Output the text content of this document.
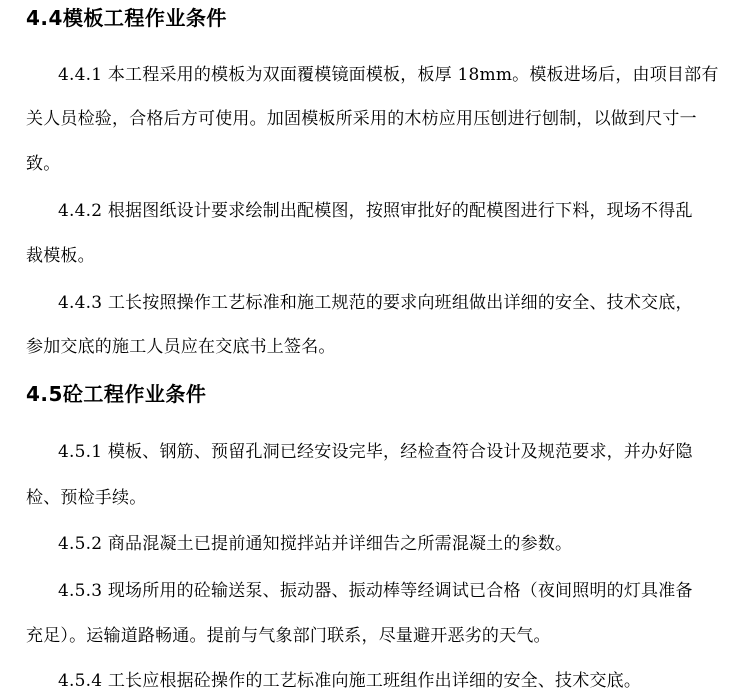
4.4模板工程作业条件
4.4.1 本工程采用的模板为双面覆模镜面模板，板厚 18mm。模板进场后，由项目部有
关人员检验，合格后方可使用。加固模板所采用的木枋应用压刨进行刨制，以做到尺寸一
致。
4.4.2 根据图纸设计要求绘制出配模图，按照审批好的配模图进行下料，现场不得乱
裁模板。
4.4.3 工长按照操作工艺标准和施工规范的要求向班组做出详细的安全、技术交底，
参加交底的施工人员应在交底书上签名。
4.5砼工程作业条件
4.5.1 模板、钢筋、预留孔洞已经安设完毕，经检查符合设计及规范要求，并办好隐
检、预检手续。
4.5.2 商品混凝土已提前通知搅拌站并详细告之所需混凝土的参数。
4.5.3 现场所用的砼输送泵、振动器、振动棒等经调试已合格（夜间照明的灯具准备
充足）。运输道路畅通。提前与气象部门联系，尽量避开恶劣的天气。
4.5.4 工长应根据砼操作的工艺标准向施工班组作出详细的安全、技术交底。
